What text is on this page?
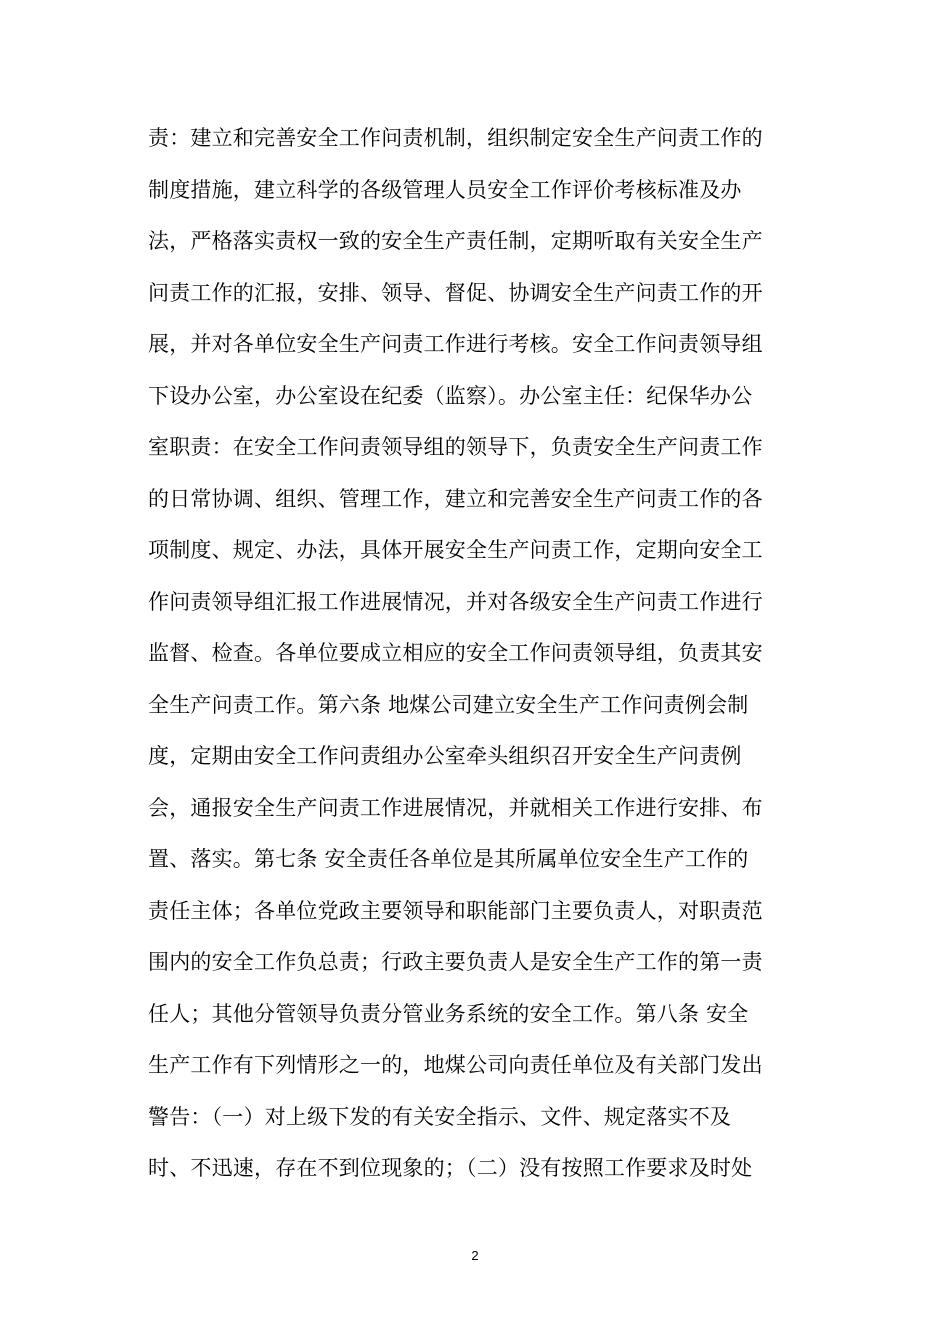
责：建立和完善安全工作问责机制，组织制定安全生产问责工作的
制度措施，建立科学的各级管理人员安全工作评价考核标准及办
法，严格落实责权一致的安全生产责任制，定期听取有关安全生产
问责工作的汇报，安排、领导、督促、协调安全生产问责工作的开
展，并对各单位安全生产问责工作进行考核。安全工作问责领导组
下设办公室，办公室设在纪委（监察）。办公室主任：纪保华办公
室职责：在安全工作问责领导组的领导下，负责安全生产问责工作
的日常协调、组织、管理工作，建立和完善安全生产问责工作的各
项制度、规定、办法，具体开展安全生产问责工作，定期向安全工
作问责领导组汇报工作进展情况，并对各级安全生产问责工作进行
监督、检查。各单位要成立相应的安全工作问责领导组，负责其安
全生产问责工作。第六条 地煤公司建立安全生产工作问责例会制
度，定期由安全工作问责组办公室牵头组织召开安全生产问责例
会，通报安全生产问责工作进展情况，并就相关工作进行安排、布
置、落实。第七条 安全责任各单位是其所属单位安全生产工作的
责任主体；各单位党政主要领导和职能部门主要负责人，对职责范
围内的安全工作负总责；行政主要负责人是安全生产工作的第一责
任人；其他分管领导负责分管业务系统的安全工作。第八条 安全
生产工作有下列情形之一的，地煤公司向责任单位及有关部门发出
警告：（一）对上级下发的有关安全指示、文件、规定落实不及
时、不迅速，存在不到位现象的；（二）没有按照工作要求及时处
2
